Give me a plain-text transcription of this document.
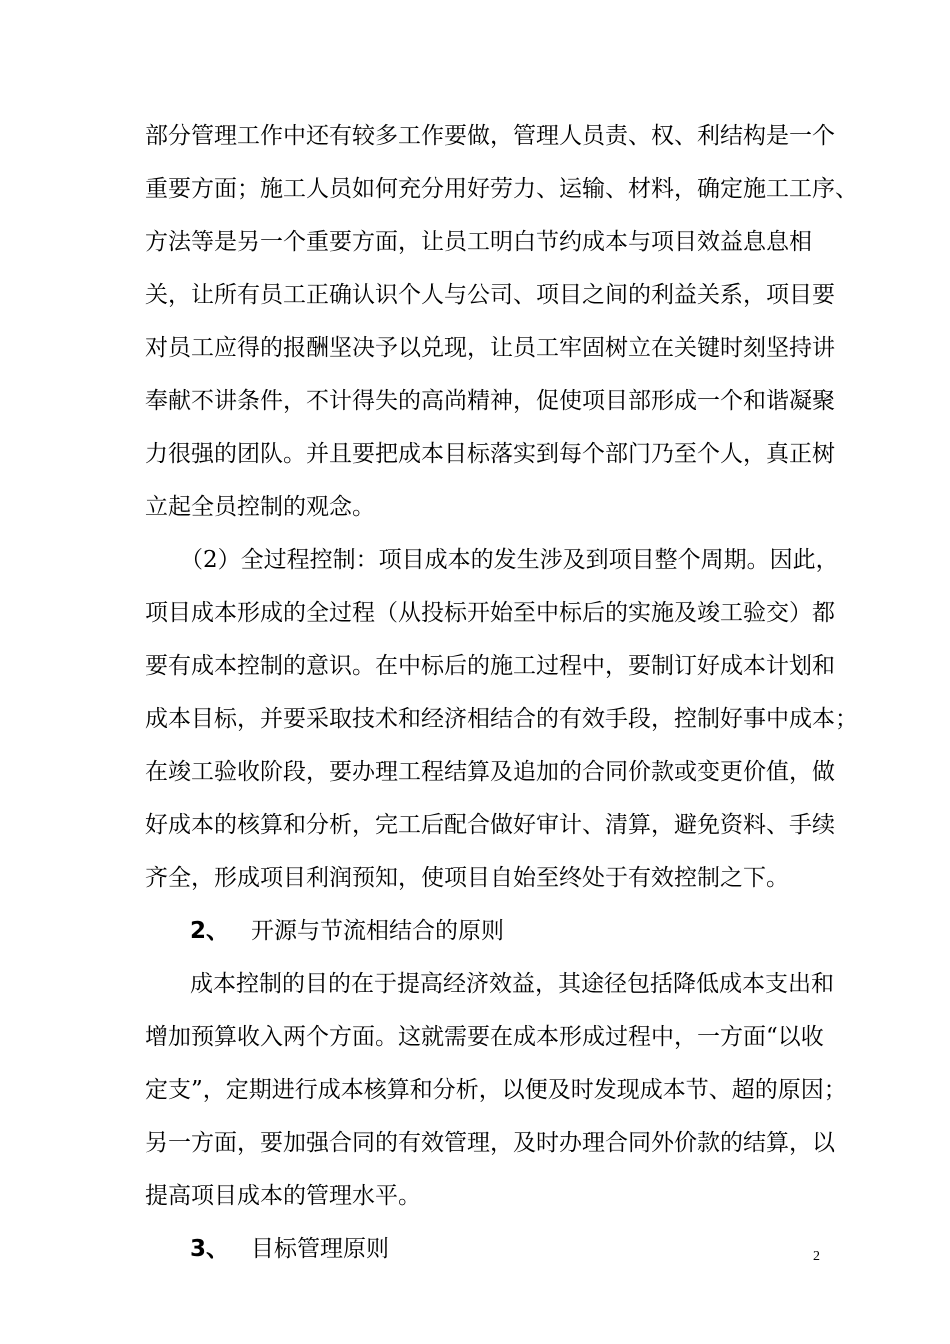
部分管理工作中还有较多工作要做，管理人员责、权、利结构是一个
重要方面；施工人员如何充分用好劳力、运输、材料，确定施工工序、
方法等是另一个重要方面，让员工明白节约成本与项目效益息息相
关，让所有员工正确认识个人与公司、项目之间的利益关系，项目要
对员工应得的报酬坚决予以兑现，让员工牢固树立在关键时刻坚持讲
奉献不讲条件，不计得失的高尚精神，促使项目部形成一个和谐凝聚
力很强的团队。并且要把成本目标落实到每个部门乃至个人，真正树
立起全员控制的观念。
（2）全过程控制：项目成本的发生涉及到项目整个周期。因此，
项目成本形成的全过程（从投标开始至中标后的实施及竣工验交）都
要有成本控制的意识。在中标后的施工过程中，要制订好成本计划和
成本目标，并要采取技术和经济相结合的有效手段，控制好事中成本；
在竣工验收阶段，要办理工程结算及追加的合同价款或变更价值，做
好成本的核算和分析，完工后配合做好审计、清算，避免资料、手续
齐全，形成项目利润预知，使项目自始至终处于有效控制之下。
2、 开源与节流相结合的原则
成本控制的目的在于提高经济效益，其途径包括降低成本支出和
增加预算收入两个方面。这就需要在成本形成过程中，一方面“以收
定支”，定期进行成本核算和分析，以便及时发现成本节、超的原因；
另一方面，要加强合同的有效管理，及时办理合同外价款的结算，以
提高项目成本的管理水平。
3、 目标管理原则	2
